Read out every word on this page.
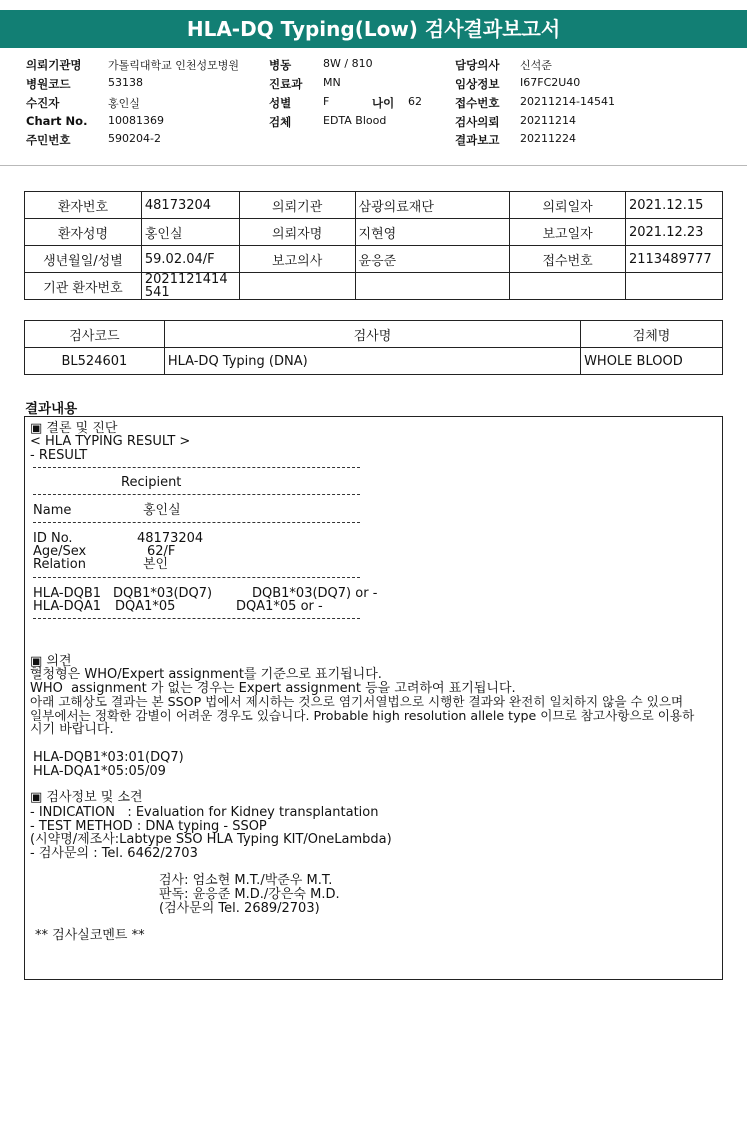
HLA-DQ Typing(Low) 검사결과보고서
의뢰기관명 가톨릭대학교 인천성모병원	병동	8W / 810	담당의사 신석준
병원코드	53138	진료과 MN	임상정보 I67FC2U40
수진자	홍인실	성별	F	나이 62	접수번호 20211214-14541
Chart No. 10081369	검체	EDTA Blood	검사의뢰 20211214
주민번호	590204-2	결과보고 20211224
환자번호	48173204	의뢰기관	삼광의료재단	의뢰일자	2021.12.15
환자성명	홍인실	의뢰자명	지현영	보고일자	2021.12.23
생년월일/성별	59.02.04/F	보고의사	윤응준	접수번호	2113489777
기관 환자번호	2021121414541				
검사코드	검사명	검체명
BL524601	HLA-DQ Typing (DNA)	WHOLE BLOOD
결과내용
▣ 결론 및 진단
< HLA TYPING RESULT >
- RESULT
Recipient
Name	홍인실
ID No.	48173204
Age/Sex	62/F
Relation	본인
HLA-DQB1 DQB1*03(DQ7)	DQB1*03(DQ7) or -
HLA-DQA1 DQA1*05	DQA1*05 or -
▣ 의견
혈청형은 WHO/Expert assignment를 기준으로 표기됩니다.
WHO  assignment 가 없는 경우는 Expert assignment 등을 고려하여 표기됩니다.
아래 고해상도 결과는 본 SSOP 법에서 제시하는 것으로 염기서열법으로 시행한 결과와 완전히 일치하지 않을 수 있으며
일부에서는 정확한 감별이 어려운 경우도 있습니다. Probable high resolution allele type 이므로 참고사항으로 이용하
시기 바랍니다.
HLA-DQB1*03:01(DQ7)
HLA-DQA1*05:05/09
▣ 검사정보 및 소견
- INDICATION   : Evaluation for Kidney transplantation
- TEST METHOD : DNA typing - SSOP
(시약명/제조사:Labtype SSO HLA Typing KIT/OneLambda)
- 검사문의 : Tel. 6462/2703
검사: 엄소현 M.T./박준우 M.T.
판독: 윤응준 M.D./강은숙 M.D.
(검사문의 Tel. 2689/2703)
** 검사실코멘트 **
